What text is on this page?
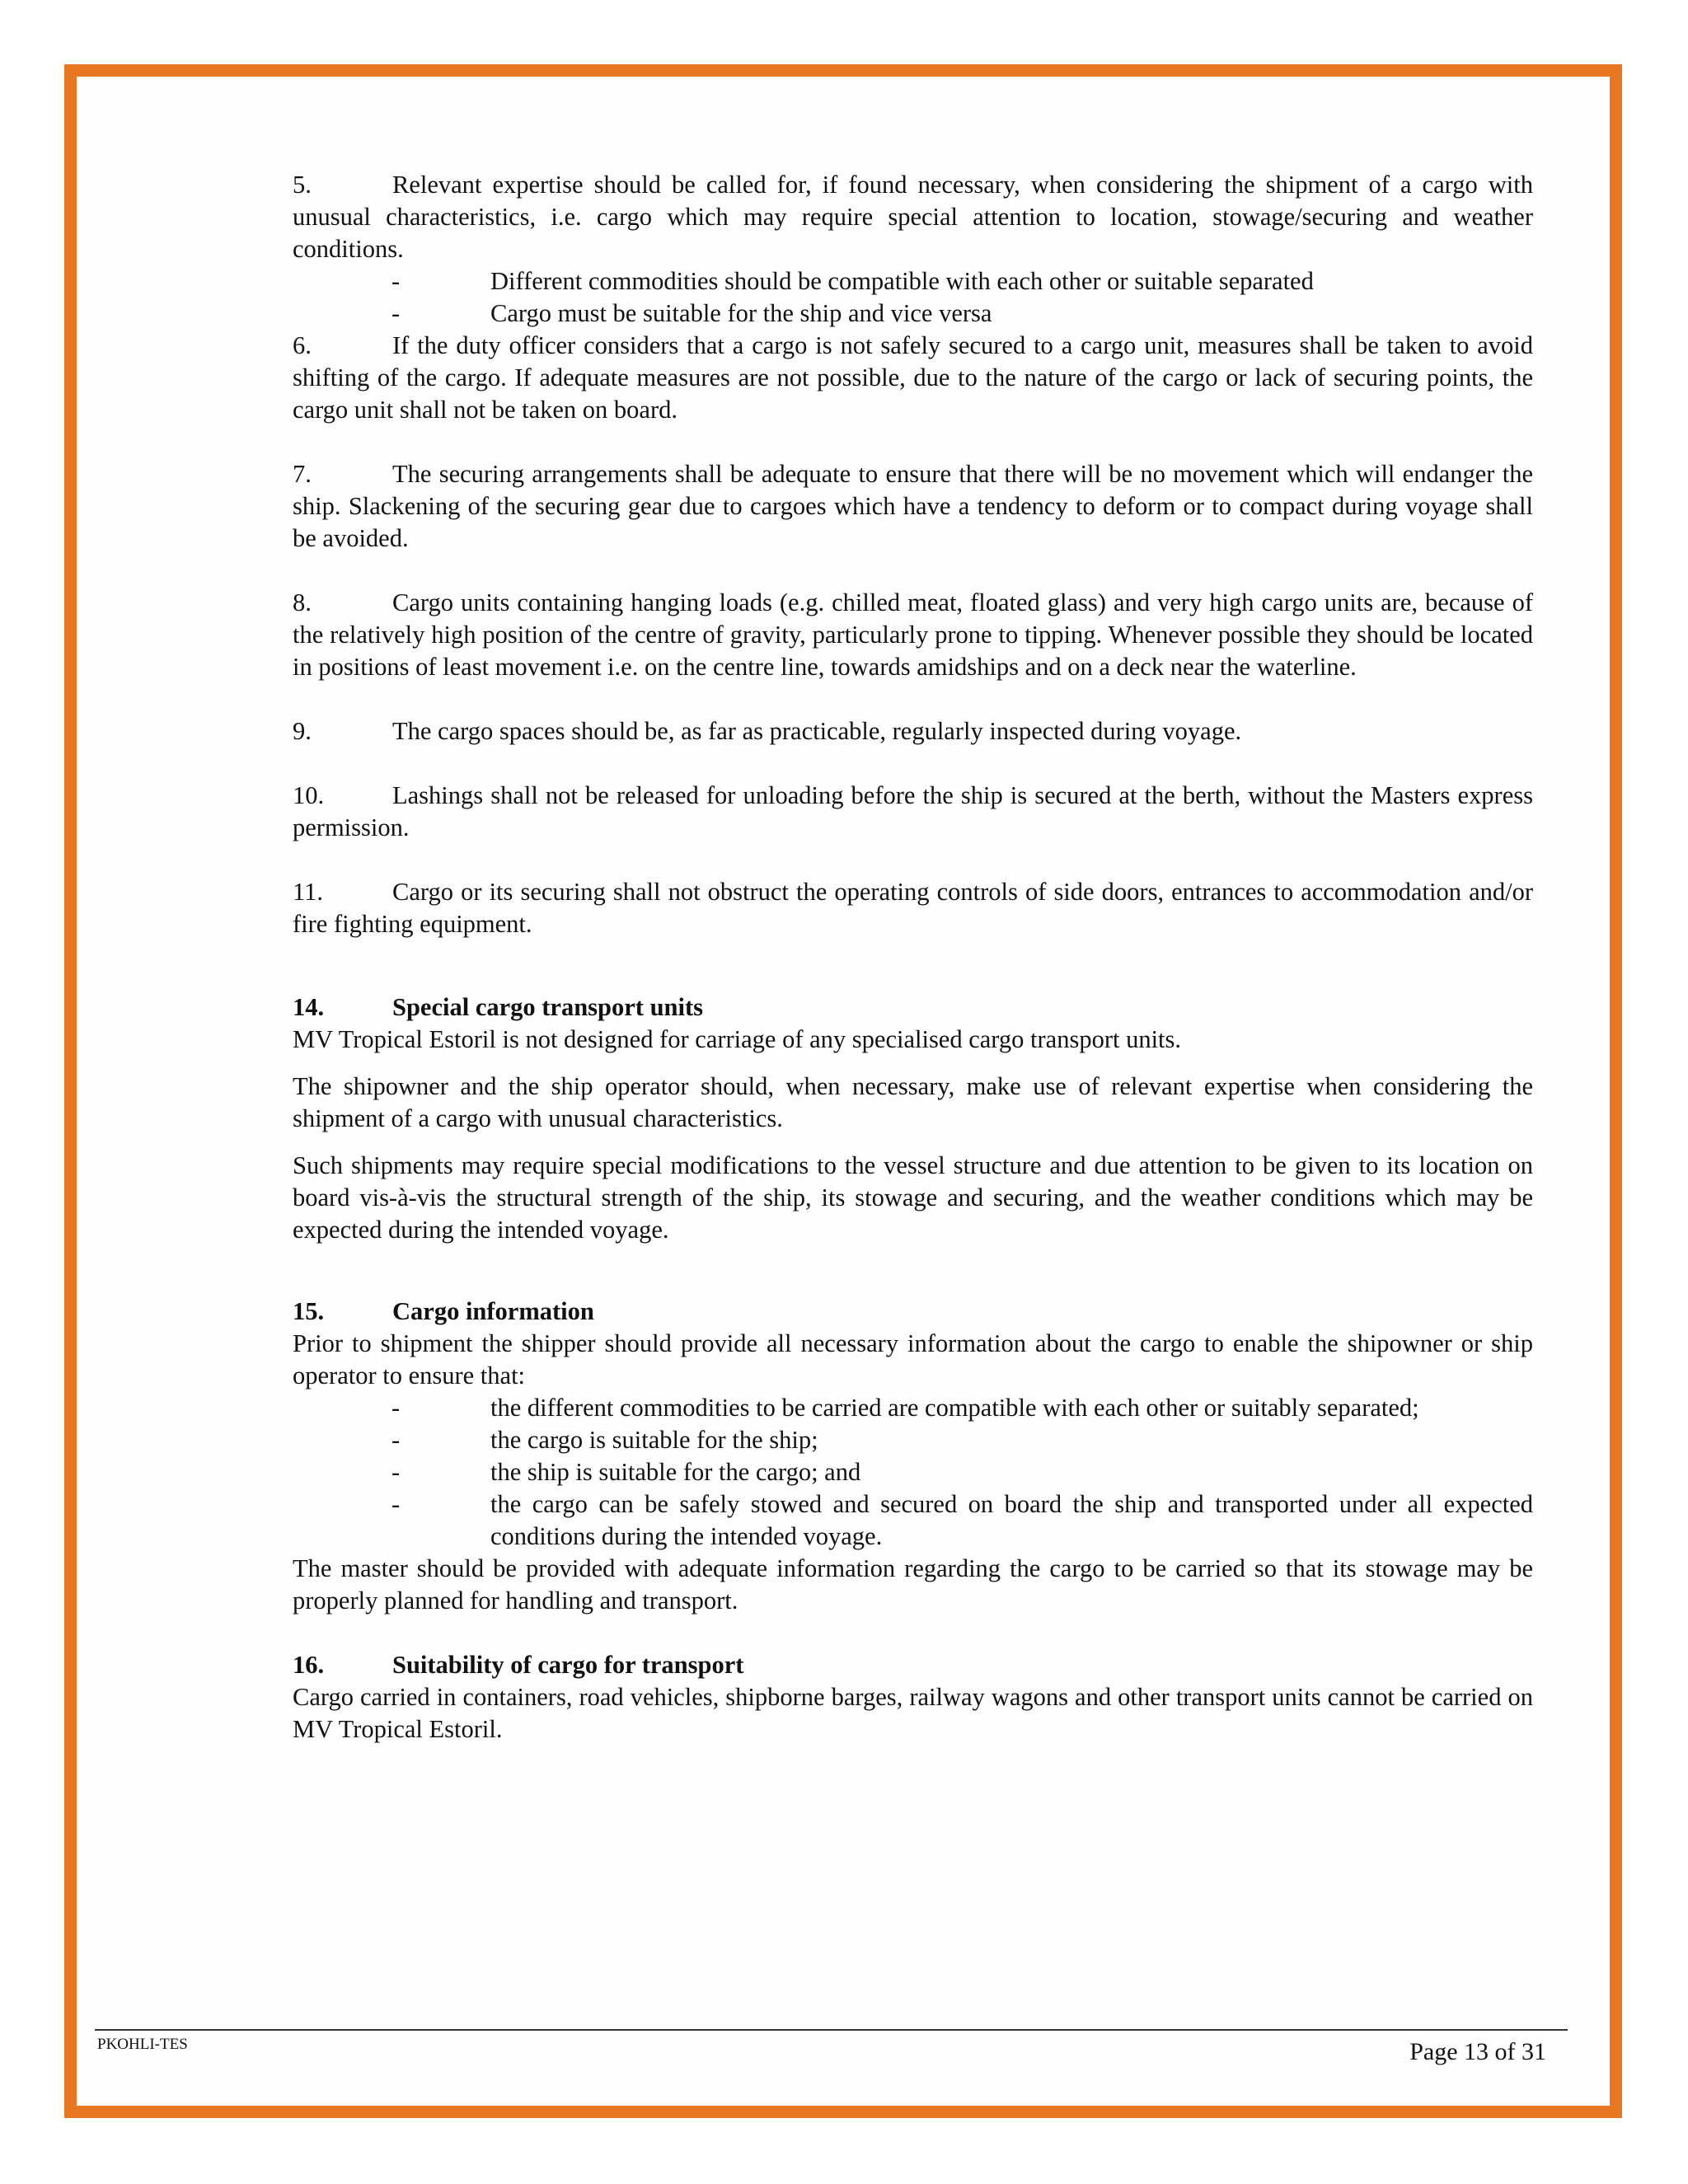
5.	Relevant expertise should be called for, if found necessary, when considering the shipment of a cargo with unusual characteristics, i.e. cargo which may require special attention to location, stowage/securing and weather conditions.

-	Different commodities should be compatible with each other or suitable separated
-	Cargo must be suitable for the ship and vice versa

6.	If the duty officer considers that a cargo is not safely secured to a cargo unit, measures shall be taken to avoid shifting of the cargo. If adequate measures are not possible, due to the nature of the cargo or lack of securing points, the cargo unit shall not be taken on board.

7.	The securing arrangements shall be adequate to ensure that there will be no movement which will endanger the ship. Slackening of the securing gear due to cargoes which have a tendency to deform or to compact during voyage shall be avoided.

8.	Cargo units containing hanging loads (e.g. chilled meat, floated glass) and very high cargo units are, because of the relatively high position of the centre of gravity, particularly prone to tipping. Whenever possible they should be located in positions of least movement i.e. on the centre line, towards amidships and on a deck near the waterline.

9.	The cargo spaces should be, as far as practicable, regularly inspected during voyage.

10.	Lashings shall not be released for unloading before the ship is secured at the berth, without the Masters express permission.

11.	Cargo or its securing shall not obstruct the operating controls of side doors, entrances to accommodation and/or fire fighting equipment.

14.	Special cargo transport units

MV Tropical Estoril is not designed for carriage of any specialised cargo transport units.

The shipowner and the ship operator should, when necessary, make use of relevant expertise when considering the shipment of a cargo with unusual characteristics.

Such shipments may require special modifications to the vessel structure and due attention to be given to its location on board vis-à-vis the structural strength of the ship, its stowage and securing, and the weather conditions which may be expected during the intended voyage.

15.	Cargo information

Prior to shipment the shipper should provide all necessary information about the cargo to enable the shipowner or ship operator to ensure that:

-	the different commodities to be carried are compatible with each other or suitably separated;
-	the cargo is suitable for the ship;
-	the ship is suitable for the cargo; and
-	the cargo can be safely stowed and secured on board the ship and transported under all expected conditions during the intended voyage.

The master should be provided with adequate information regarding the cargo to be carried so that its stowage may be properly planned for handling and transport.

16.	Suitability of cargo for transport

Cargo carried in containers, road vehicles, shipborne barges, railway wagons and other transport units cannot be carried on MV Tropical Estoril.

PKOHLI-TES	Page 13 of 31
